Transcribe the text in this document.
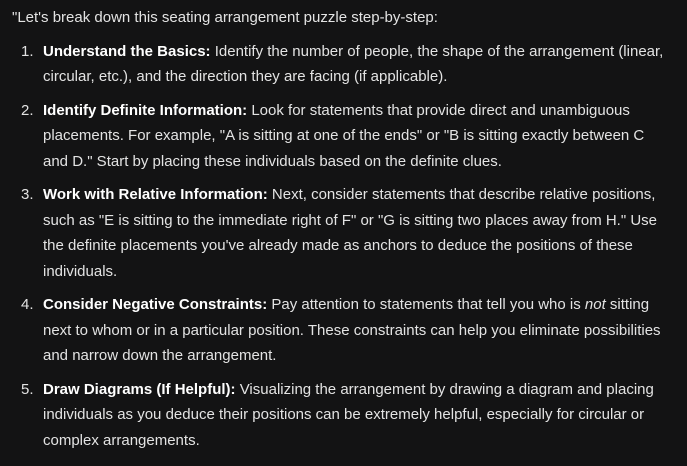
"Let's break down this seating arrangement puzzle step-by-step:

1. Understand the Basics: Identify the number of people, the shape of the arrangement (linear, circular, etc.), and the direction they are facing (if applicable).
2. Identify Definite Information: Look for statements that provide direct and unambiguous placements. For example, "A is sitting at one of the ends" or "B is sitting exactly between C and D." Start by placing these individuals based on the definite clues.
3. Work with Relative Information: Next, consider statements that describe relative positions, such as "E is sitting to the immediate right of F" or "G is sitting two places away from H." Use the definite placements you've already made as anchors to deduce the positions of these individuals.
4. Consider Negative Constraints: Pay attention to statements that tell you who is not sitting next to whom or in a particular position. These constraints can help you eliminate possibilities and narrow down the arrangement.
5. Draw Diagrams (If Helpful): Visualizing the arrangement by drawing a diagram and placing individuals as you deduce their positions can be extremely helpful, especially for circular or complex arrangements.
